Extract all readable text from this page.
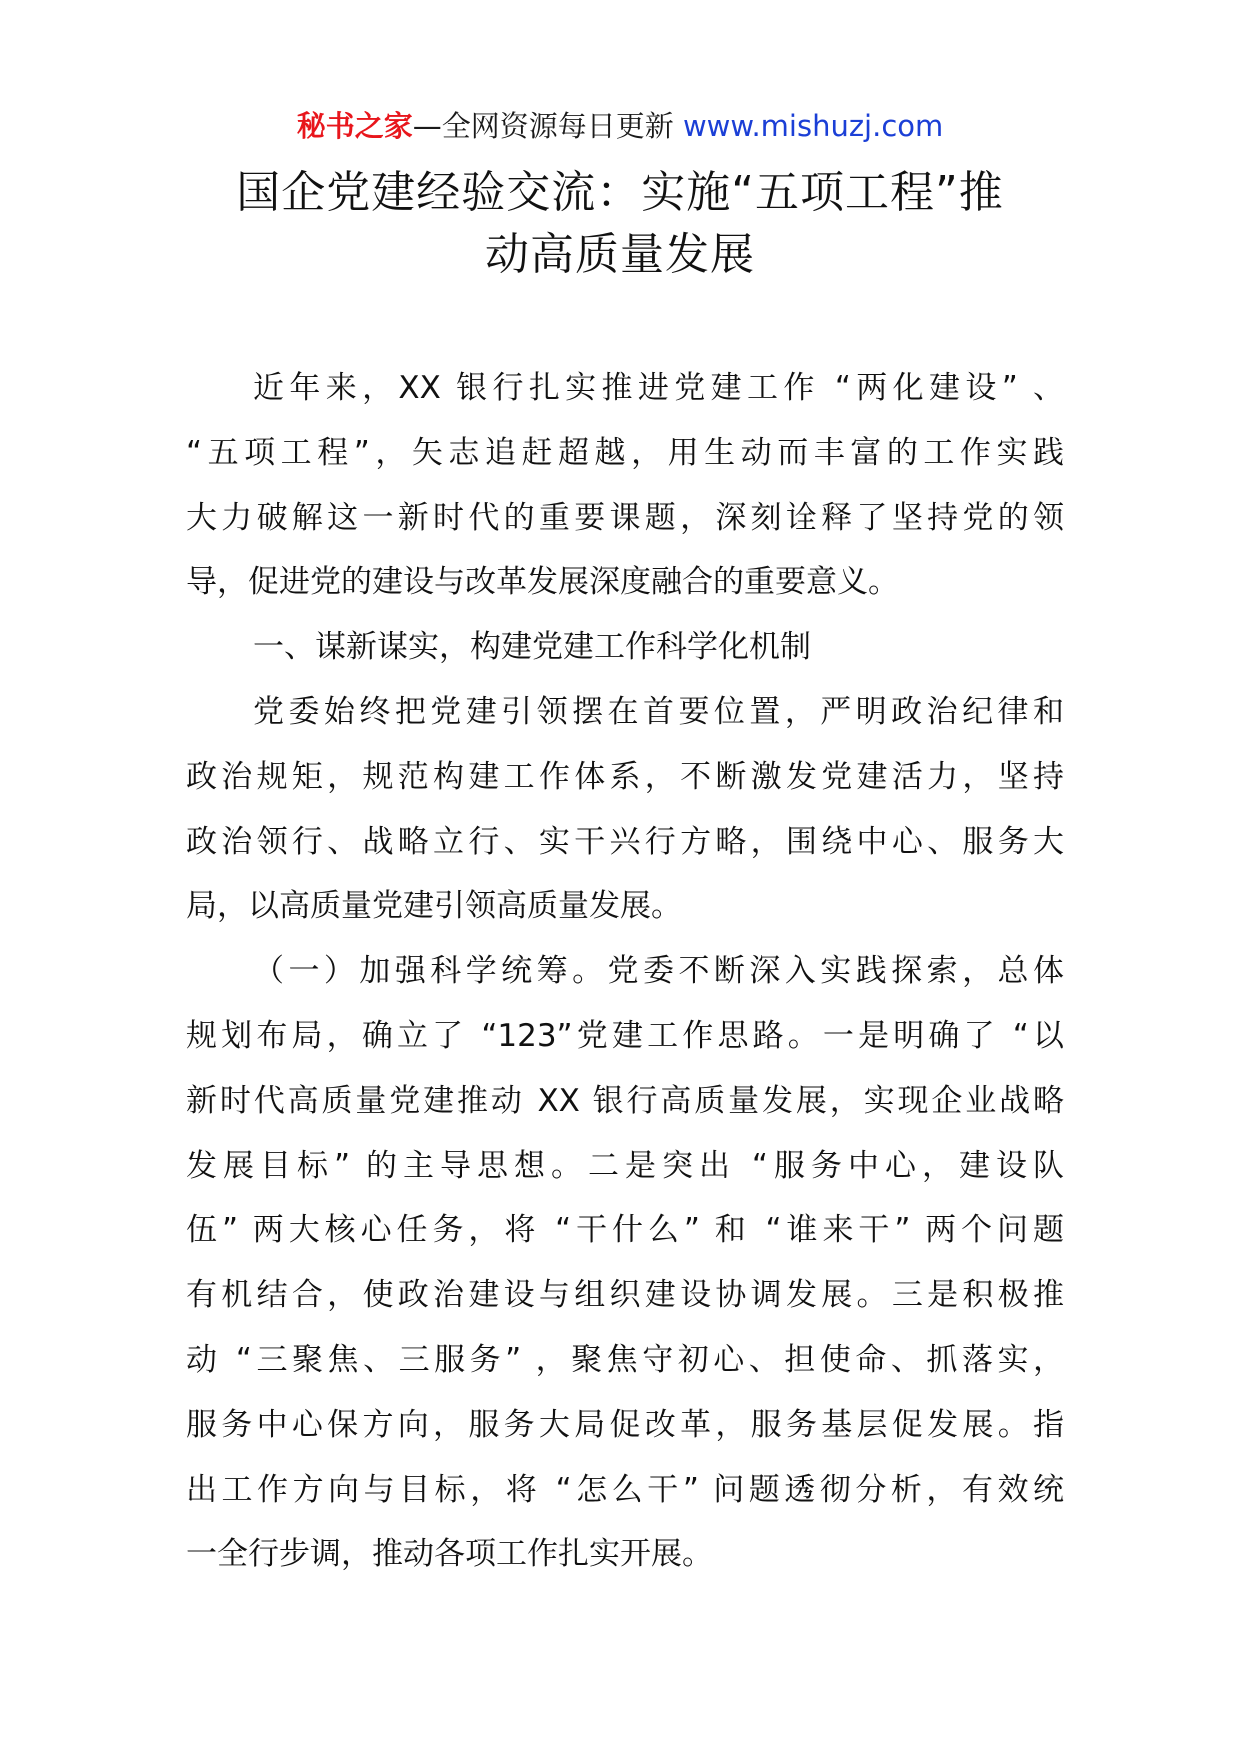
秘书之家—全网资源每日更新 www.mishuzj.com
国企党建经验交流：实施“五项工程”推
动高质量发展
近年来，XX 银行扎实推进党建工作 “两化建设” 、
“五项工程”，矢志追赶超越，用生动而丰富的工作实践
大力破解这一新时代的重要课题，深刻诠释了坚持党的领
导，促进党的建设与改革发展深度融合的重要意义。
一、谋新谋实，构建党建工作科学化机制
党委始终把党建引领摆在首要位置，严明政治纪律和
政治规矩，规范构建工作体系，不断激发党建活力，坚持
政治领行、战略立行、实干兴行方略，围绕中心、服务大
局，以高质量党建引领高质量发展。
（一）加强科学统筹。党委不断深入实践探索，总体
规划布局，确立了 “123”党建工作思路。一是明确了 “以
新时代高质量党建推动 XX 银行高质量发展，实现企业战略
发展目标” 的主导思想。二是突出 “服务中心，建设队
伍” 两大核心任务，将 “干什么” 和 “谁来干” 两个问题
有机结合，使政治建设与组织建设协调发展。三是积极推
动 “三聚焦、三服务” ，聚焦守初心、担使命、抓落实，
服务中心保方向，服务大局促改革，服务基层促发展。指
出工作方向与目标，将 “怎么干” 问题透彻分析，有效统
一全行步调，推动各项工作扎实开展。
